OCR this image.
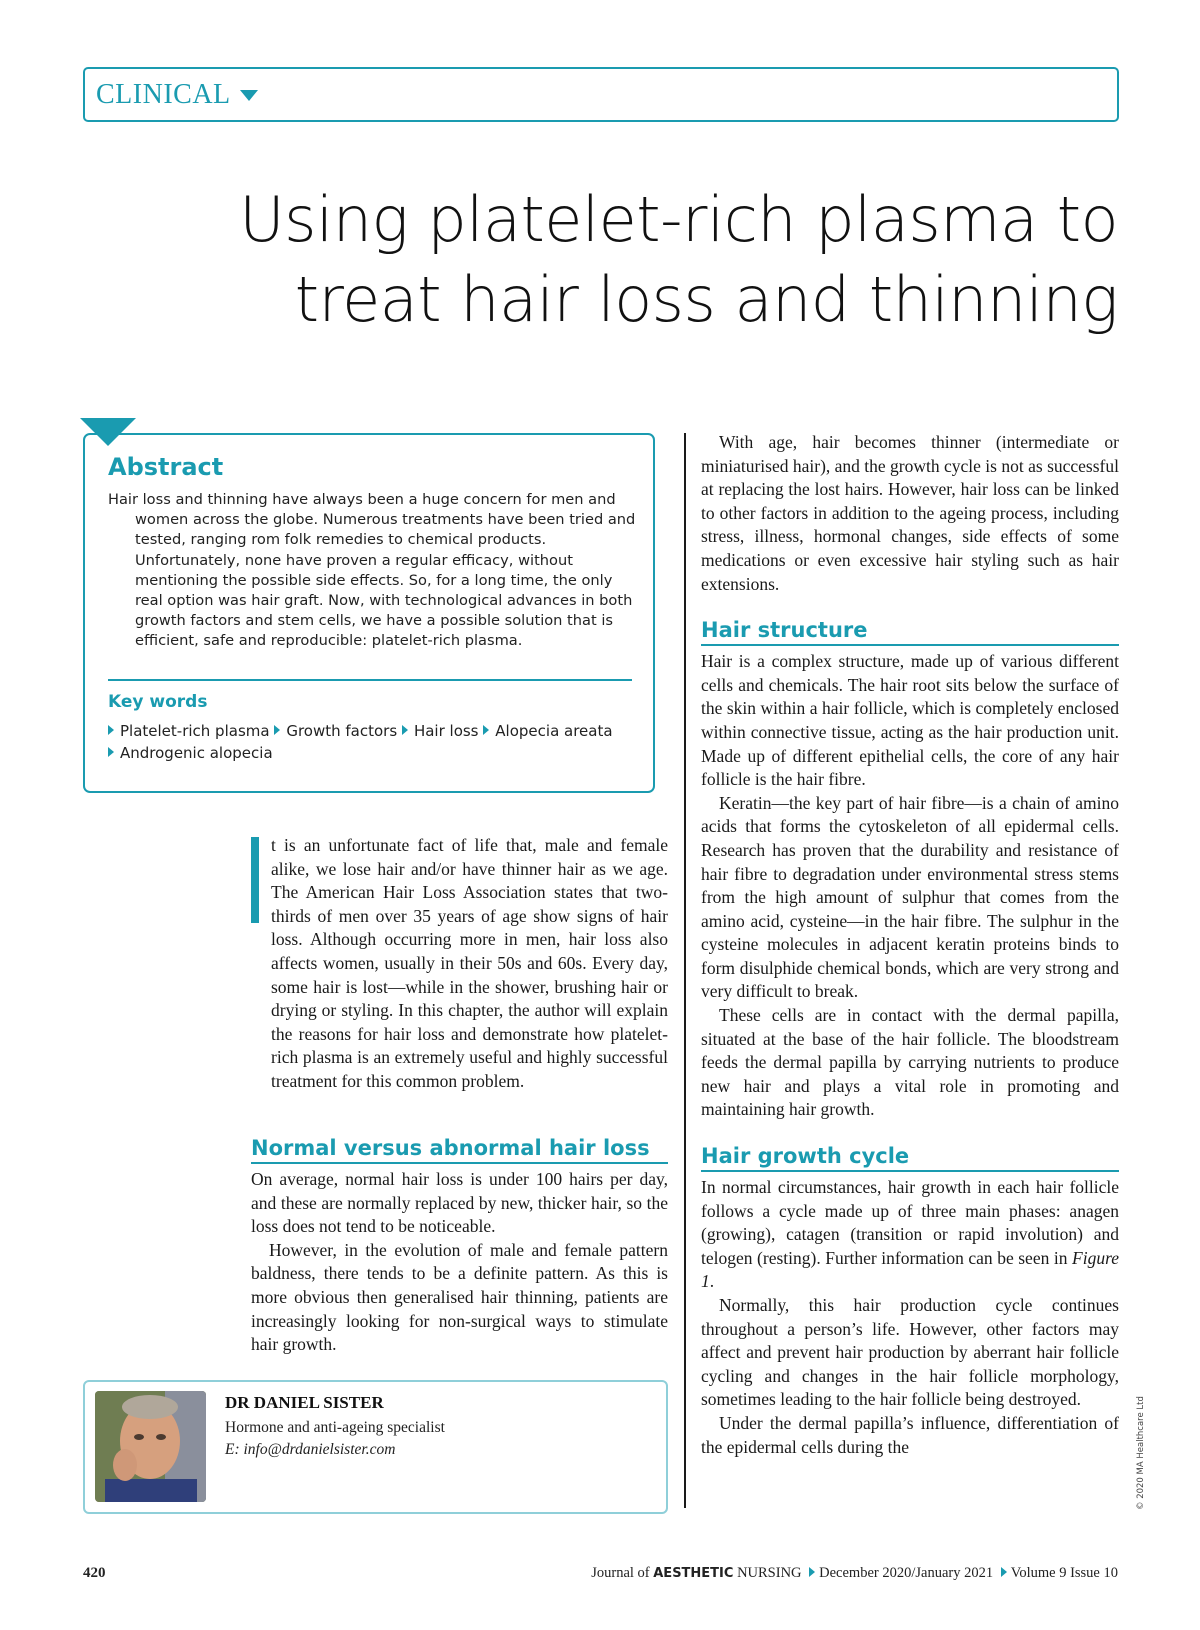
CLINICAL
Using platelet-rich plasma to treat hair loss and thinning
Abstract

Hair loss and thinning have always been a huge concern for men and women across the globe. Numerous treatments have been tried and tested, ranging rom folk remedies to chemical products. Unfortunately, none have proven a regular efficacy, without mentioning the possible side effects. So, for a long time, the only real option was hair graft. Now, with technological advances in both growth factors and stem cells, we have a possible solution that is efficient, safe and reproducible: platelet-rich plasma.

Key words
Platelet-rich plasma Growth factors Hair loss Alopecia areata
Androgenic alopecia

t is an unfortunate fact of life that, male and female alike, we lose hair and/or have thinner hair as we age. The American Hair Loss Association states that two-thirds of men over 35 years of age show signs of hair loss. Although occurring more in men, hair loss also affects women, usually in their 50s and 60s. Every day, some hair is lost—while in the shower, brushing hair or drying or styling. In this chapter, the author will explain the reasons for hair loss and demonstrate how platelet-rich plasma is an extremely useful and highly successful treatment for this common problem.

Normal versus abnormal hair loss

On average, normal hair loss is under 100 hairs per day, and these are normally replaced by new, thicker hair, so the loss does not tend to be noticeable.

However, in the evolution of male and female pattern baldness, there tends to be a definite pattern. As this is more obvious then generalised hair thinning, patients are increasingly looking for non-surgical ways to stimulate hair growth.

With age, hair becomes thinner (intermediate or miniaturised hair), and the growth cycle is not as successful at replacing the lost hairs. However, hair loss can be linked to other factors in addition to the ageing process, including stress, illness, hormonal changes, side effects of some medications or even excessive hair styling such as hair extensions.

Hair structure

Hair is a complex structure, made up of various different cells and chemicals. The hair root sits below the surface of the skin within a hair follicle, which is completely enclosed within connective tissue, acting as the hair production unit. Made up of different epithelial cells, the core of any hair follicle is the hair fibre.

Keratin—the key part of hair fibre—is a chain of amino acids that forms the cytoskeleton of all epidermal cells. Research has proven that the durability and resistance of hair fibre to degradation under environmental stress stems from the high amount of sulphur that comes from the amino acid, cysteine—in the hair fibre. The sulphur in the cysteine molecules in adjacent keratin proteins binds to form disulphide chemical bonds, which are very strong and very difficult to break.

These cells are in contact with the dermal papilla, situated at the base of the hair follicle. The bloodstream feeds the dermal papilla by carrying nutrients to produce new hair and plays a vital role in promoting and maintaining hair growth.

Hair growth cycle

In normal circumstances, hair growth in each hair follicle follows a cycle made up of three main phases: anagen (growing), catagen (transition or rapid involution) and telogen (resting). Further information can be seen in Figure 1.

Normally, this hair production cycle continues throughout a person’s life. However, other factors may affect and prevent hair production by aberrant hair follicle cycling and changes in the hair follicle morphology, sometimes leading to the hair follicle being destroyed.

Under the dermal papilla’s influence, differentiation of the epidermal cells during the

DR DANIEL SISTER
Hormone and anti-ageing specialist
E: info@drdanielsister.com	© 2020 MA Healthcare Ltd
420	Journal of AESTHETIC NURSING December 2020/January 2021 Volume 9 Issue 10
